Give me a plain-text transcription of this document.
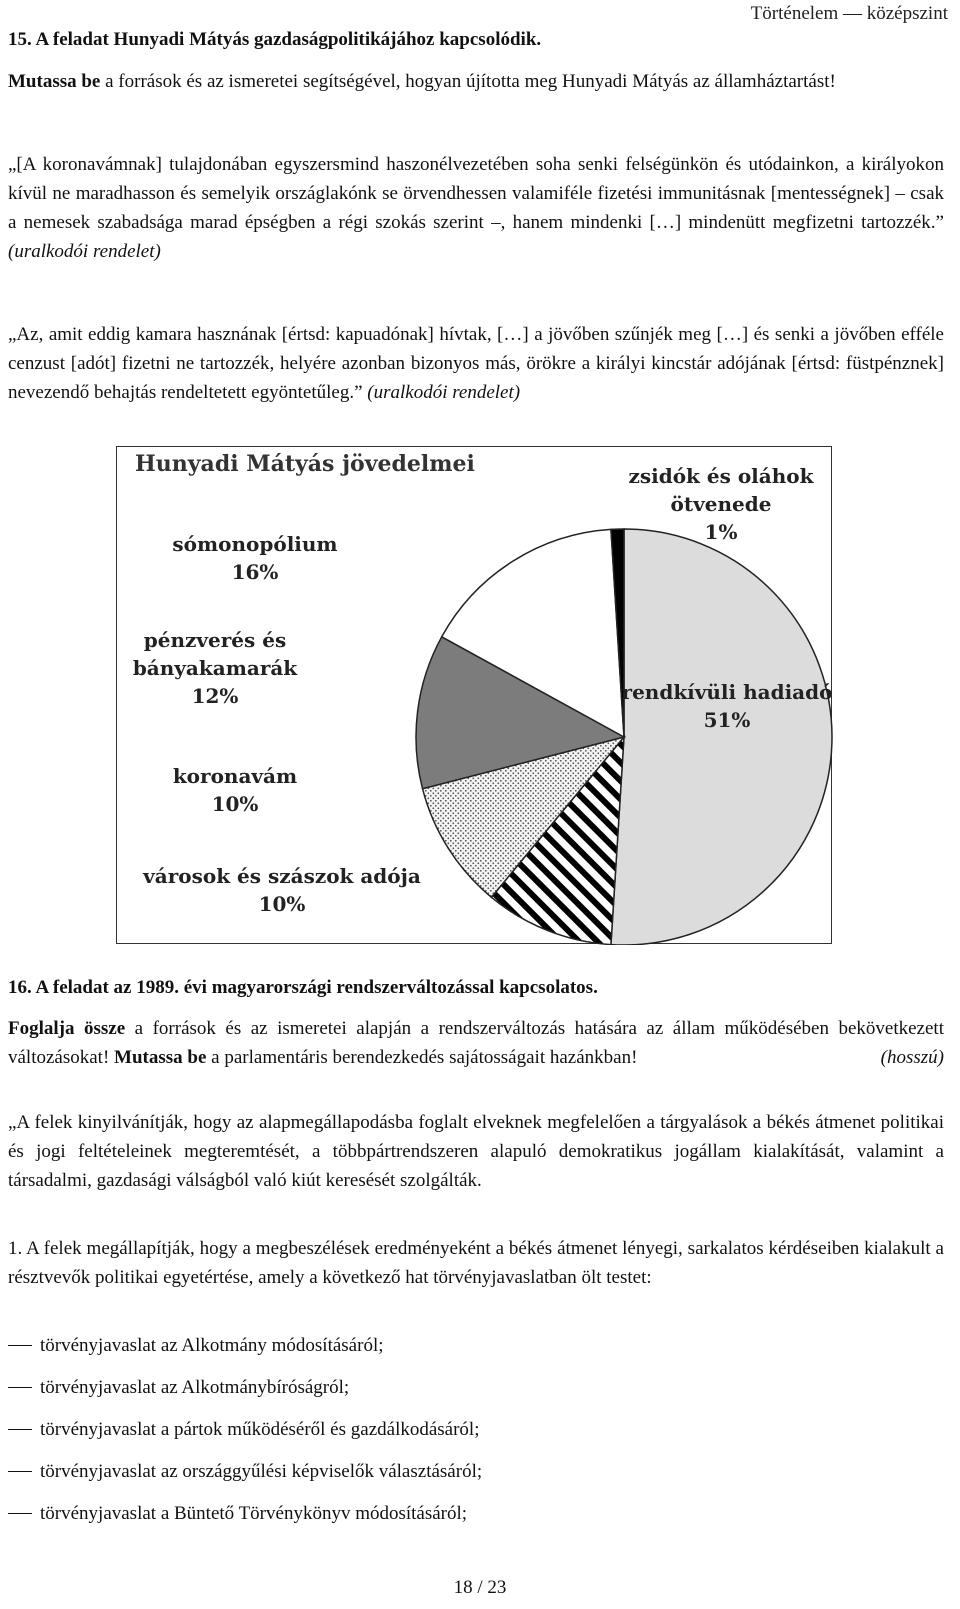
Történelem — középszint

15. A feladat Hunyadi Mátyás gazdaságpolitikájához kapcsolódik.

Mutassa be a források és az ismeretei segítségével, hogyan újította meg Hunyadi Mátyás az államháztartást!

„[A koronavámnak] tulajdonában egyszersmind haszonélvezetében soha senki felségünkön és utódainkon, a királyokon kívül ne maradhasson és semelyik országlakónk se örvendhessen valamiféle fizetési immunitásnak [mentességnek] – csak a nemesek szabadsága marad épségben a régi szokás szerint –, hanem mindenki […] mindenütt megfizetni tartozzék.” (uralkodói rendelet)

„Az, amit eddig kamara hasznának [értsd: kapuadónak] hívtak, […] a jövőben szűnjék meg […] és senki a jövőben efféle cenzust [adót] fizetni ne tartozzék, helyére azonban bizonyos más, örökre a királyi kincstár adójának [értsd: füstpénznek] nevezendő behajtás rendeltetett egyöntetűleg.” (uralkodói rendelet)

Hunyadi Mátyás jövedelmei
rendkívüli hadiadó 51%
városok és szászok adója 10%
koronavám 10%
pénzverés és bányakamarák 12%
sómonopólium 16%
zsidók és oláhok ötvenede 1%

16. A feladat az 1989. évi magyarországi rendszerváltozással kapcsolatos.

Foglalja össze a források és az ismeretei alapján a rendszerváltozás hatására az állam működésében bekövetkezett változásokat! Mutassa be a parlamentáris berendezkedés sajátosságait hazánkban!	(hosszú)

„A felek kinyilvánítják, hogy az alapmegállapodásba foglalt elveknek megfelelően a tárgyalások a békés átmenet politikai és jogi feltételeinek megteremtését, a többpártrendszeren alapuló demokratikus jogállam kialakítását, valamint a társadalmi, gazdasági válságból való kiút keresését szolgálták.

1. A felek megállapítják, hogy a megbeszélések eredményeként a békés átmenet lényegi, sarkalatos kérdéseiben kialakult a résztvevők politikai egyetértése, amely a következő hat törvényjavaslatban ölt testet:

törvényjavaslat az Alkotmány módosításáról;

törvényjavaslat az Alkotmánybíróságról;

törvényjavaslat a pártok működéséről és gazdálkodásáról;

törvényjavaslat az országgyűlési képviselők választásáról;

törvényjavaslat a Büntető Törvénykönyv módosításáról;

18 / 23
